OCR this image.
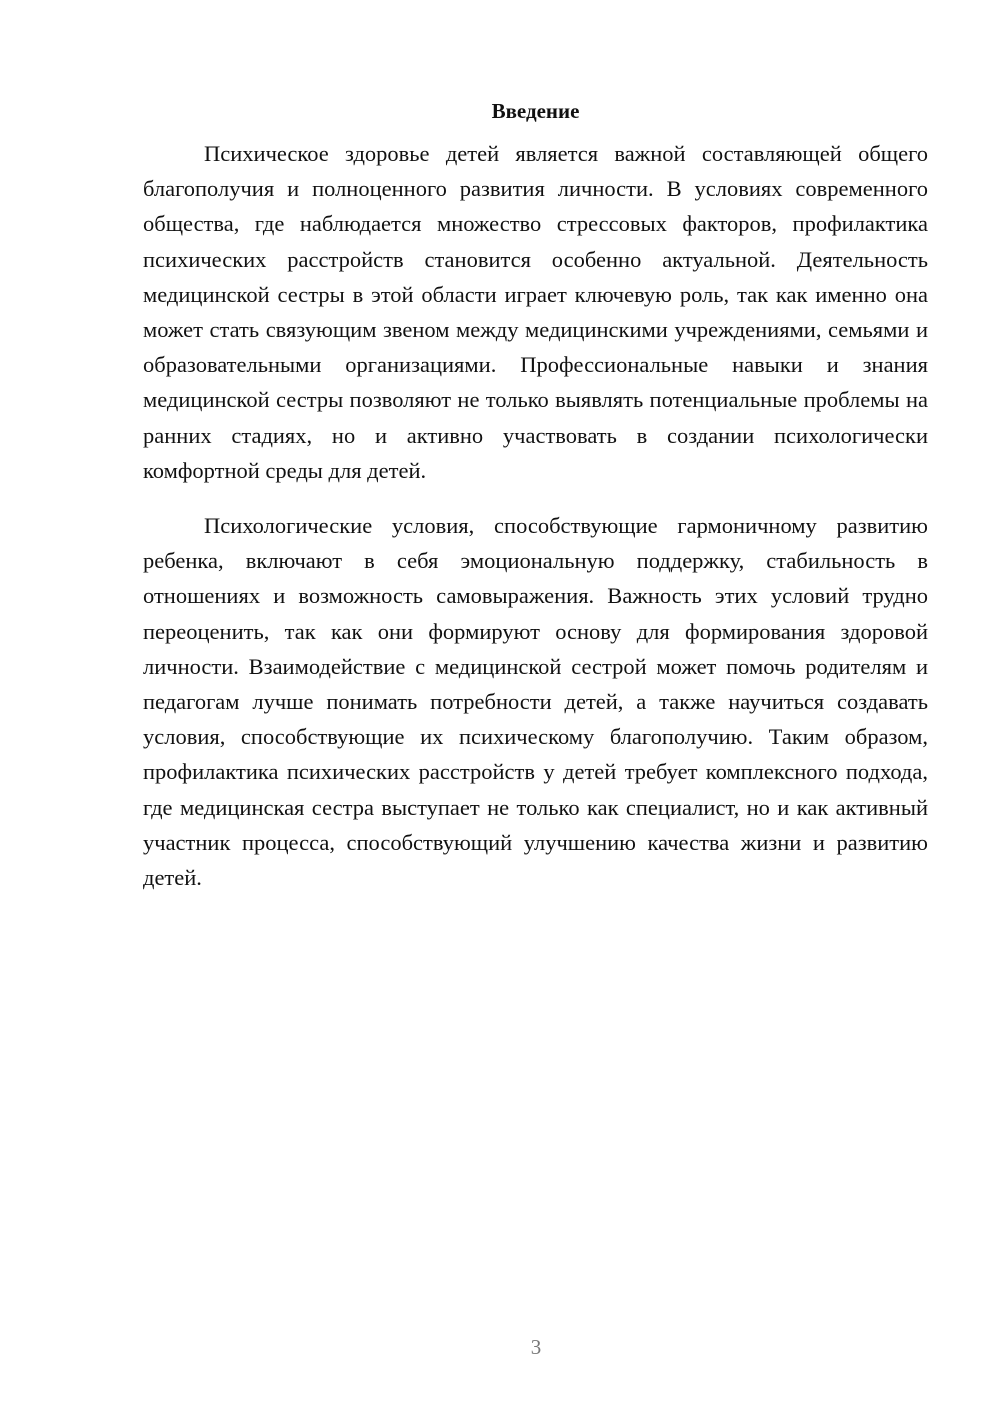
Введение

Психическое здоровье детей является важной составляющей общего благополучия и полноценного развития личности. В условиях современного общества, где наблюдается множество стрессовых факторов, профилактика психических расстройств становится особенно актуальной. Деятельность медицинской сестры в этой области играет ключевую роль, так как именно она может стать связующим звеном между медицинскими учреждениями, семьями и образовательными организациями. Профессиональные навыки и знания медицинской сестры позволяют не только выявлять потенциальные проблемы на ранних стадиях, но и активно участвовать в создании психологически комфортной среды для детей.

Психологические условия, способствующие гармоничному развитию ребенка, включают в себя эмоциональную поддержку, стабильность в отношениях и возможность самовыражения. Важность этих условий трудно переоценить, так как они формируют основу для формирования здоровой личности. Взаимодействие с медицинской сестрой может помочь родителям и педагогам лучше понимать потребности детей, а также научиться создавать условия, способствующие их психическому благополучию. Таким образом, профилактика психических расстройств у детей требует комплексного подхода, где медицинская сестра выступает не только как специалист, но и как активный участник процесса, способствующий улучшению качества жизни и развитию детей.

3
